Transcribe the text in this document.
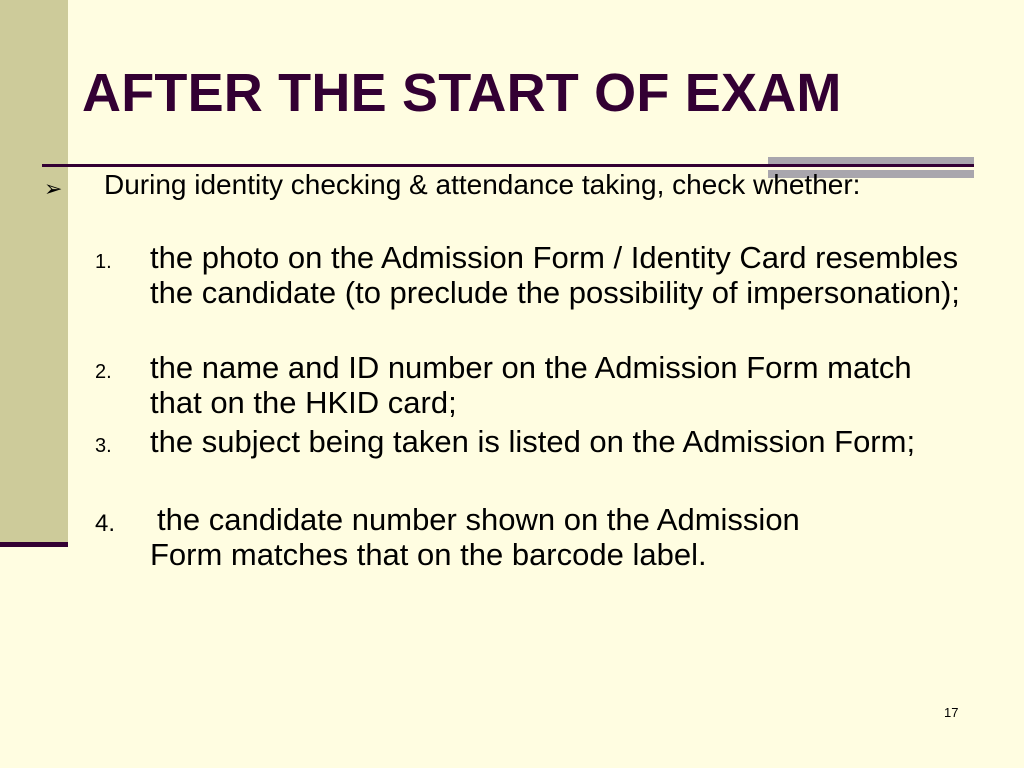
AFTER THE START OF EXAM
➢ During identity checking & attendance taking, check whether:
1. the photo on the Admission Form / Identity Card resembles the candidate (to preclude the possibility of impersonation);
2. the name and ID number on the Admission Form match that on the HKID card;
3. the subject being taken is listed on the Admission Form;
4. the candidate number shown on the Admission
Form matches that on the barcode label.
17
